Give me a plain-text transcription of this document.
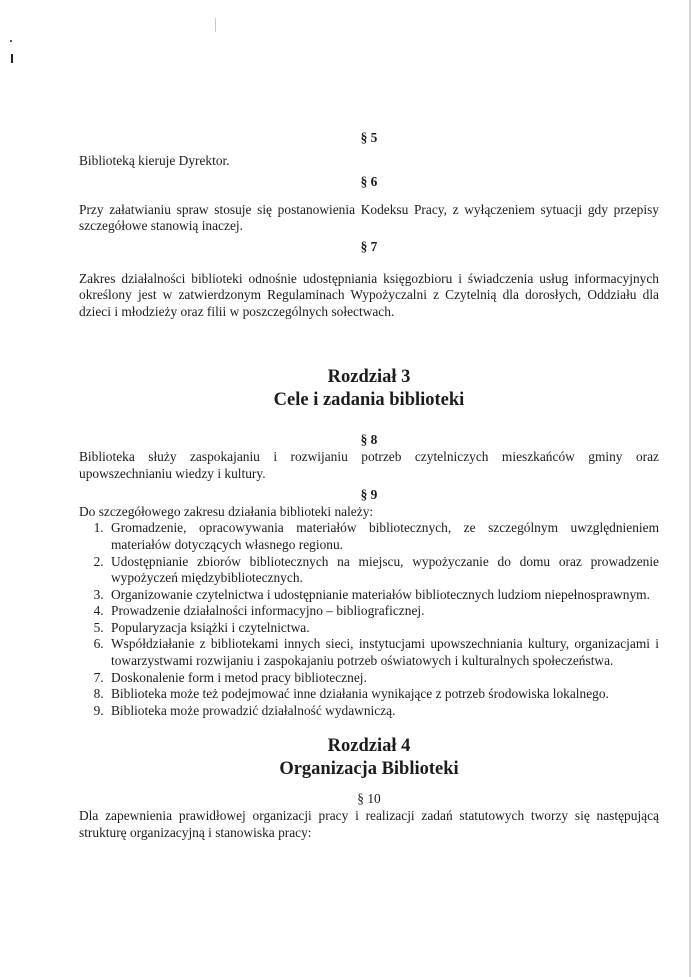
§ 5

Biblioteką kieruje Dyrektor.

§ 6

Przy załatwianiu spraw stosuje się postanowienia Kodeksu Pracy, z wyłączeniem sytuacji gdy przepisy szczegółowe stanowią inaczej.

§ 7

Zakres działalności biblioteki odnośnie udostępniania księgozbioru i świadczenia usług informacyjnych określony jest w zatwierdzonym Regulaminach Wypożyczalni z Czytelnią dla dorosłych, Oddziału dla dzieci i młodzieży oraz filii w poszczególnych sołectwach.

Rozdział 3
Cele i zadania biblioteki
§ 8

Biblioteka służy zaspokajaniu i rozwijaniu potrzeb czytelniczych mieszkańców gminy oraz upowszechnianiu wiedzy i kultury.

§ 9

Do szczegółowego zakresu działania biblioteki należy:

1. Gromadzenie, opracowywania materiałów bibliotecznych, ze szczególnym uwzględnieniem materiałów dotyczących własnego regionu.
2. Udostępnianie zbiorów bibliotecznych na miejscu, wypożyczanie do domu oraz prowadzenie wypożyczeń międzybibliotecznych.
3. Organizowanie czytelnictwa i udostępnianie materiałów bibliotecznych ludziom niepełnosprawnym.
4. Prowadzenie działalności informacyjno – bibliograficznej.
5. Popularyzacja książki i czytelnictwa.
6. Współdziałanie z bibliotekami innych sieci, instytucjami upowszechniania kultury, organizacjami i towarzystwami rozwijaniu i zaspokajaniu potrzeb oświatowych i kulturalnych społeczeństwa.
7. Doskonalenie form i metod pracy bibliotecznej.
8. Biblioteka może też podejmować inne działania wynikające z potrzeb środowiska lokalnego.
9. Biblioteka może prowadzić działalność wydawniczą.
Rozdział 4
Organizacja Biblioteki
§ 10

Dla zapewnienia prawidłowej organizacji pracy i realizacji zadań statutowych tworzy się następującą strukturę organizacyjną i stanowiska pracy:
